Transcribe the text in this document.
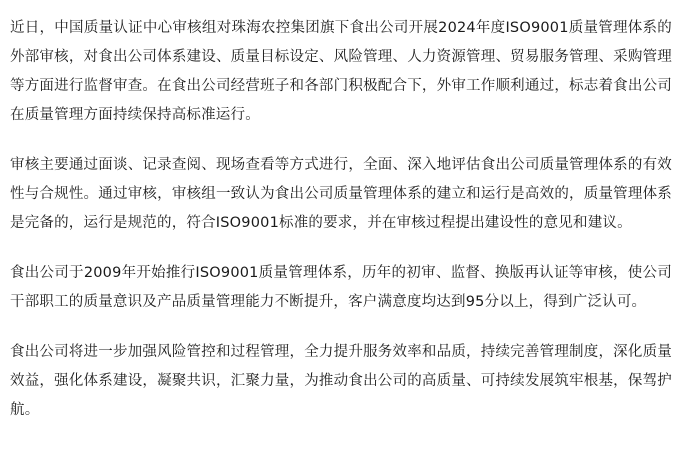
近日，中国质量认证中心审核组对珠海农控集团旗下食出公司开展2024年度ISO9001质量管理体系的外部审核，对食出公司体系建设、质量目标设定、风险管理、人力资源管理、贸易服务管理、采购管理等方面进行监督审查。在食出公司经营班子和各部门积极配合下，外审工作顺利通过，标志着食出公司在质量管理方面持续保持高标准运行。

审核主要通过面谈、记录查阅、现场查看等方式进行，全面、深入地评估食出公司质量管理体系的有效性与合规性。通过审核，审核组一致认为食出公司质量管理体系的建立和运行是高效的，质量管理体系是完备的，运行是规范的，符合ISO9001标准的要求，并在审核过程提出建设性的意见和建议。

食出公司于2009年开始推行ISO9001质量管理体系，历年的初审、监督、换版再认证等审核，使公司干部职工的质量意识及产品质量管理能力不断提升，客户满意度均达到95分以上，得到广泛认可。

食出公司将进一步加强风险管控和过程管理，全力提升服务效率和品质，持续完善管理制度，深化质量效益，强化体系建设，凝聚共识，汇聚力量，为推动食出公司的高质量、可持续发展筑牢根基，保驾护航。
